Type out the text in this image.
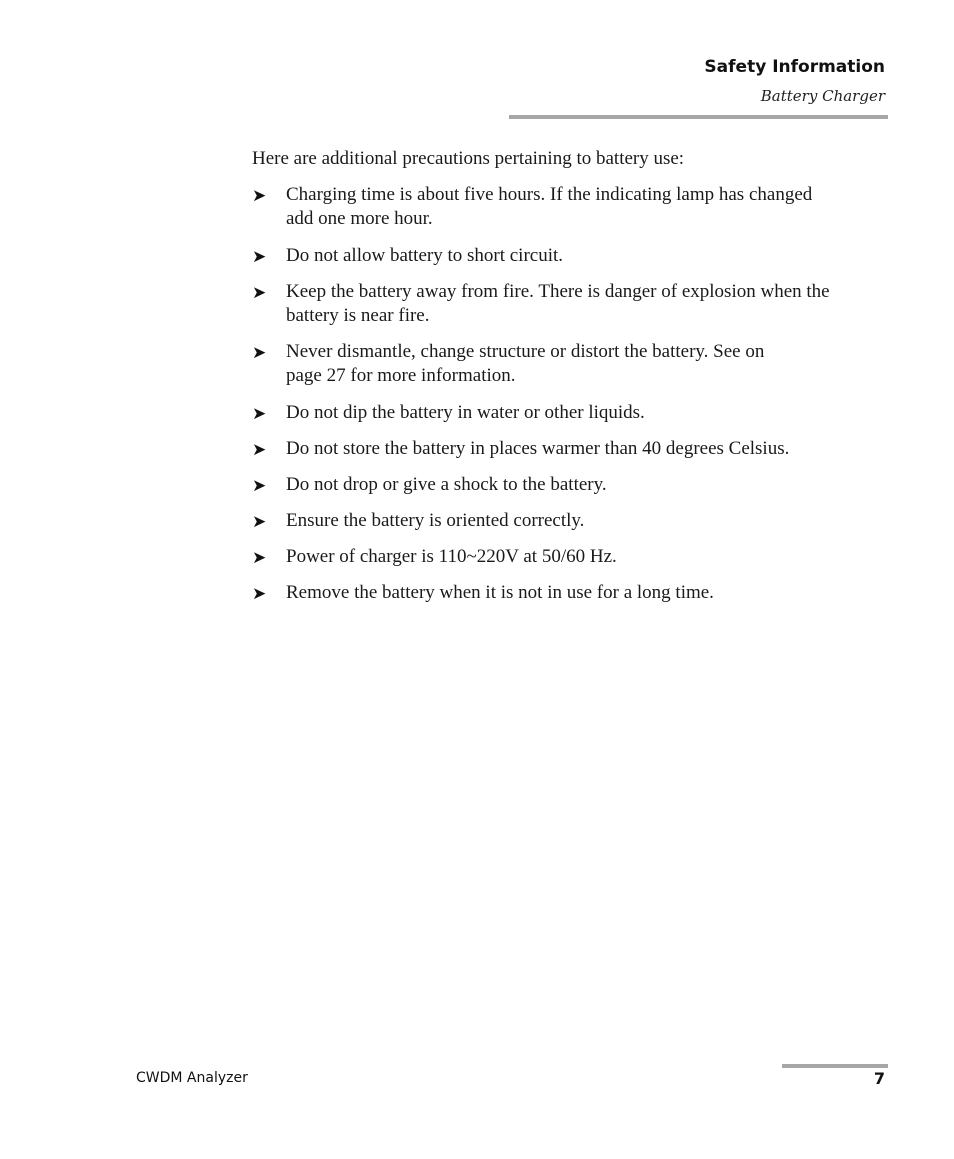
Safety Information
Battery Charger
Here are additional precautions pertaining to battery use:
➤ Charging time is about five hours. If the indicating lamp has changed
add one more hour.
➤ Do not allow battery to short circuit.
➤ Keep the battery away from fire. There is danger of explosion when the
battery is near fire.
➤ Never dismantle, change structure or distort the battery. See on
page 27 for more information.
➤ Do not dip the battery in water or other liquids.
➤ Do not store the battery in places warmer than 40 degrees Celsius.
➤ Do not drop or give a shock to the battery.
➤ Ensure the battery is oriented correctly.
➤ Power of charger is 110~220V at 50/60 Hz.
➤ Remove the battery when it is not in use for a long time.
CWDM Analyzer	7
